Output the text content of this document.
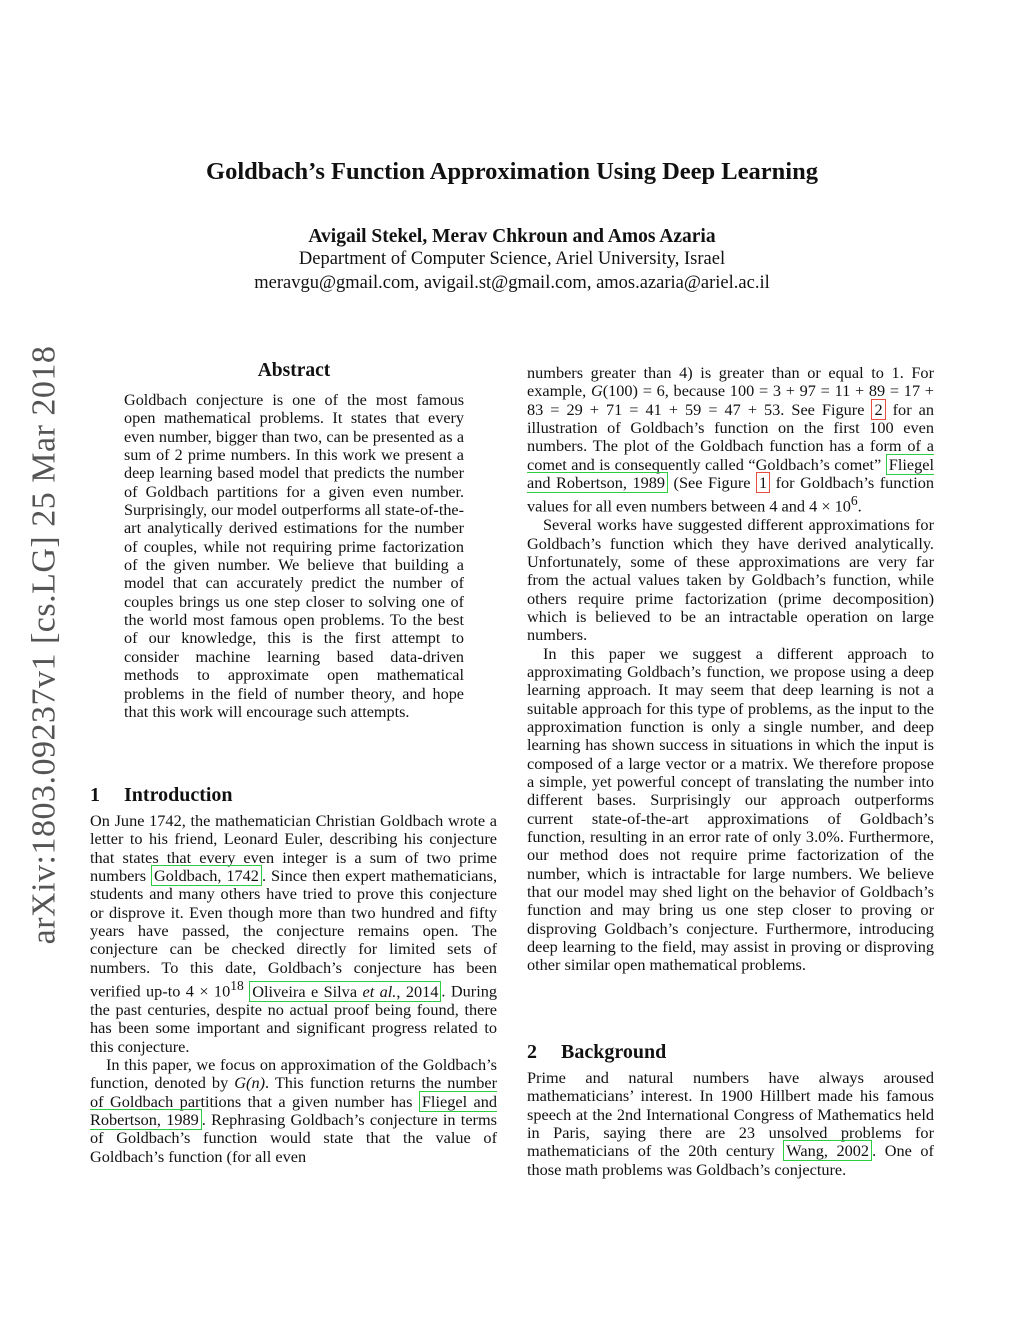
arXiv:1803.09237v1 [cs.LG] 25 Mar 2018
Goldbach’s Function Approximation Using Deep Learning
Avigail Stekel, Merav Chkroun and Amos Azaria
Department of Computer Science, Ariel University, Israel
meravgu@gmail.com, avigail.st@gmail.com, amos.azaria@ariel.ac.il
Abstract
Goldbach conjecture is one of the most famous open mathematical problems. It states that every even number, bigger than two, can be presented as a sum of 2 prime numbers. In this work we present a deep learning based model that predicts the number of Goldbach partitions for a given even number. Surprisingly, our model outperforms all state-of-the-art analytically derived estimations for the number of couples, while not requiring prime factorization of the given number. We believe that building a model that can accurately predict the number of couples brings us one step closer to solving one of the world most famous open problems. To the best of our knowledge, this is the first attempt to consider machine learning based data-driven methods to approximate open mathematical problems in the field of number theory, and hope that this work will encourage such attempts.
1 Introduction

On June 1742, the mathematician Christian Goldbach wrote a letter to his friend, Leonard Euler, describing his conjecture that states that every even integer is a sum of two prime numbers Goldbach, 1742 . Since then expert mathematicians, students and many others have tried to prove this conjecture or disprove it. Even though more than two hundred and fifty years have passed, the conjecture remains open. The conjecture can be checked directly for limited sets of numbers. To this date, Goldbach’s conjecture has been verified up-to $4 \times 10^{18}$ Oliveira e Silva et al., 2014 . During the past centuries, despite no actual proof being found, there has been some important and significant progress related to this conjecture.

In this paper, we focus on approximation of the Goldbach’s function, denoted by G(n). This function returns the number of Goldbach partitions that a given number has Fliegel and Robertson, 1989 . Rephrasing Goldbach’s conjecture in terms of Goldbach’s function would state that the value of Goldbach’s function (for all even

numbers greater than 4) is greater than or equal to 1. For example, G(100) = 6, because 100 = 3 + 97 = 11 + 89 = 17 + 83 = 29 + 71 = 41 + 59 = 47 + 53. See Figure 2 for an illustration of Goldbach’s function on the first 100 even numbers. The plot of the Goldbach function has a form of a comet and is consequently called “Goldbach’s comet” Fliegel and Robertson, 1989 (See Figure 1 for Goldbach’s function values for all even numbers between 4 and $4 \times 10^6$.

Several works have suggested different approximations for Goldbach’s function which they have derived analytically. Unfortunately, some of these approximations are very far from the actual values taken by Goldbach’s function, while others require prime factorization (prime decomposition) which is believed to be an intractable operation on large numbers.

In this paper we suggest a different approach to approximating Goldbach’s function, we propose using a deep learning approach. It may seem that deep learning is not a suitable approach for this type of problems, as the input to the approximation function is only a single number, and deep learning has shown success in situations in which the input is composed of a large vector or a matrix. We therefore propose a simple, yet powerful concept of translating the number into different bases. Surprisingly our approach outperforms current state-of-the-art approximations of Goldbach’s function, resulting in an error rate of only 3.0%. Furthermore, our method does not require prime factorization of the number, which is intractable for large numbers. We believe that our model may shed light on the behavior of Goldbach’s function and may bring us one step closer to proving or disproving Goldbach’s conjecture. Furthermore, introducing deep learning to the field, may assist in proving or disproving other similar open mathematical problems.

2 Background

Prime and natural numbers have always aroused mathematicians’ interest. In 1900 Hillbert made his famous speech at the 2nd International Congress of Mathematics held in Paris, saying there are 23 unsolved problems for mathematicians of the 20th century Wang, 2002 . One of those math problems was Goldbach’s conjecture.
